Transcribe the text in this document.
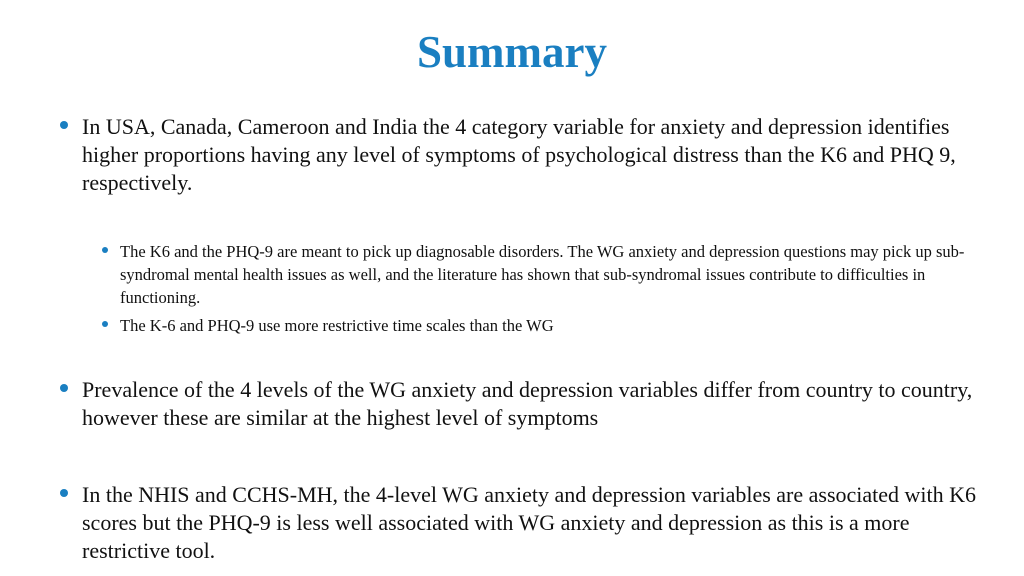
Summary
In USA, Canada, Cameroon and India the 4 category variable for anxiety and depression identifies higher proportions having any level of symptoms of psychological distress than the K6 and PHQ 9, respectively.
The K6 and the PHQ-9 are meant to pick up diagnosable disorders. The WG anxiety and depression questions may pick up sub-syndromal mental health issues as well, and the literature has shown that sub-syndromal issues contribute to difficulties in functioning.
The K-6 and PHQ-9 use more restrictive time scales than the WG
Prevalence of the 4 levels of the WG anxiety and depression variables differ from country to country, however these are similar at the highest level of symptoms
In the NHIS and CCHS-MH, the 4-level WG anxiety and depression variables are associated with K6 scores but the PHQ-9 is less well associated with WG anxiety and depression as this is a more restrictive tool.
